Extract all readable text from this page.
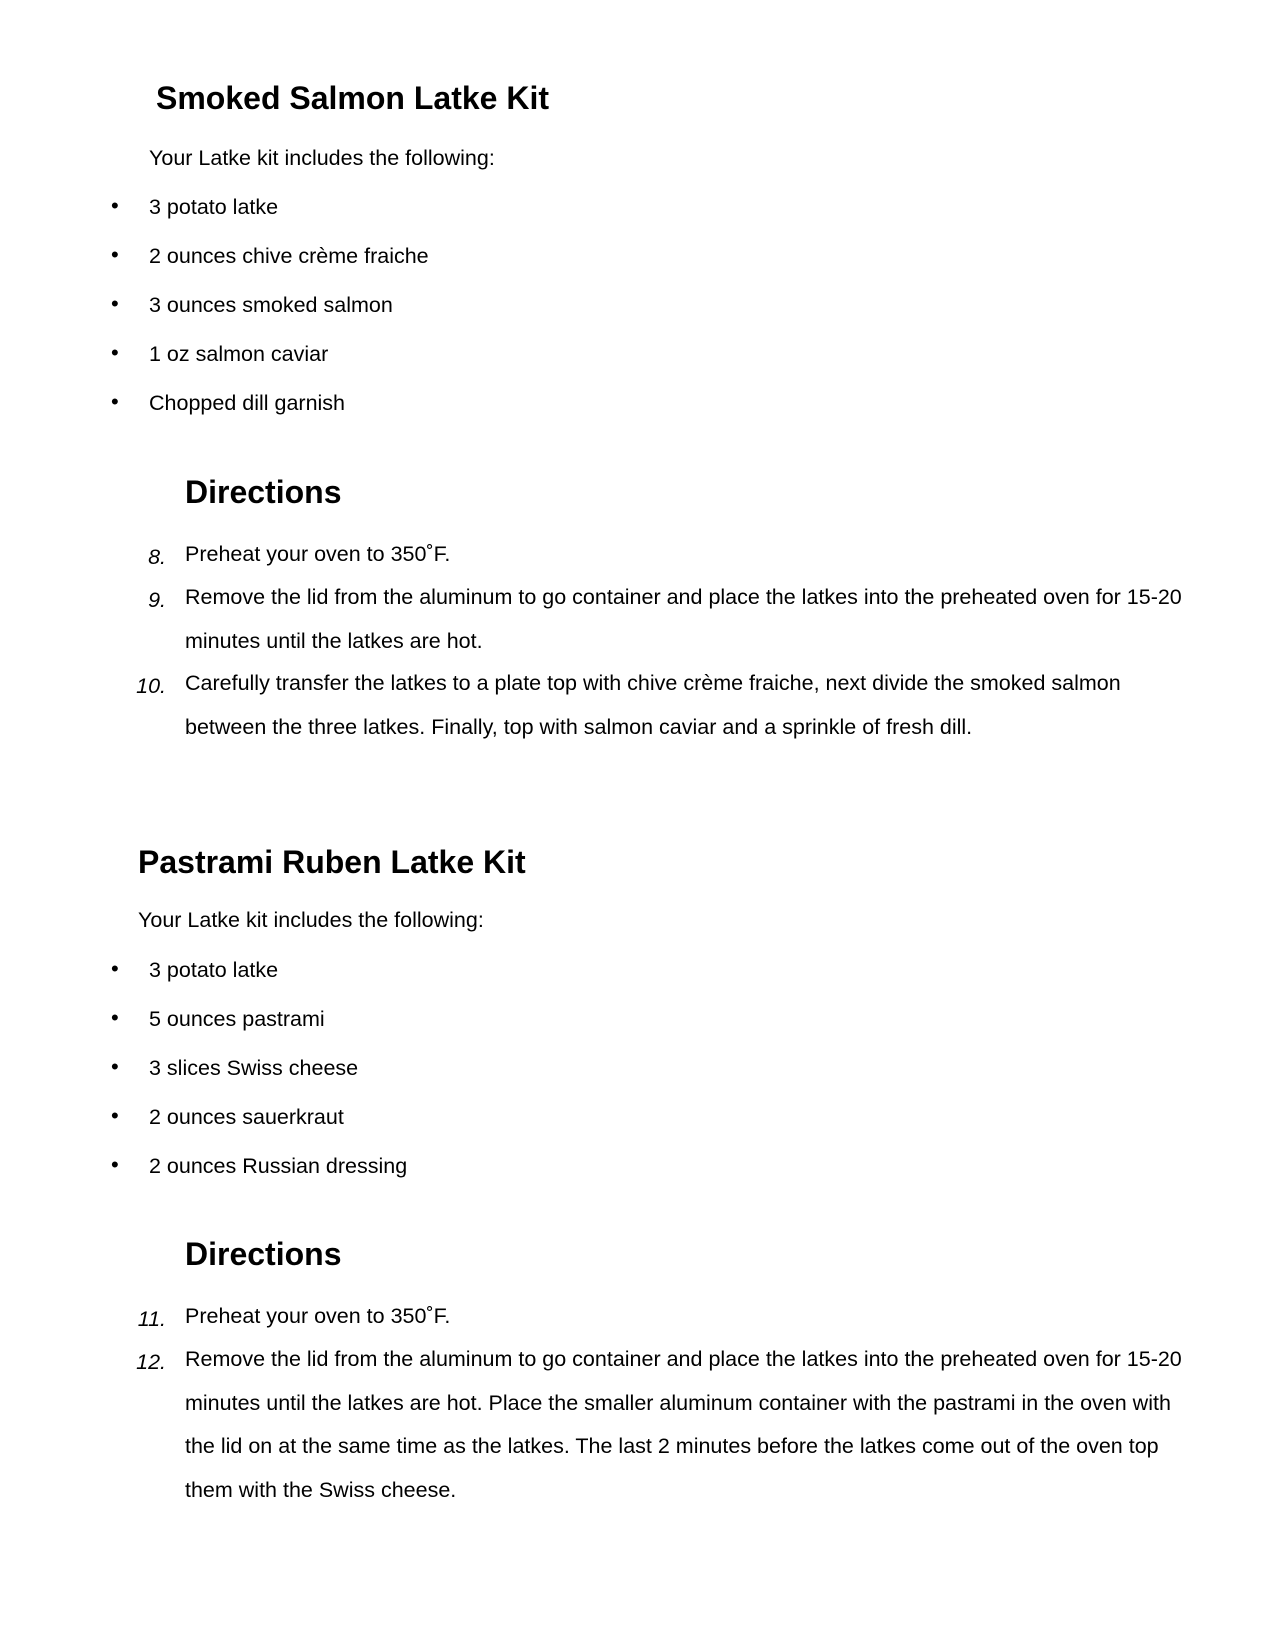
Smoked Salmon Latke Kit
Your Latke kit includes the following:
• 3 potato latke
• 2 ounces chive crème fraiche
• 3 ounces smoked salmon
• 1 oz salmon caviar
• Chopped dill garnish
Directions
8. Preheat your oven to 350˚F.
9. Remove the lid from the aluminum to go container and place the latkes into the preheated oven for 15-20 minutes until the latkes are hot.
10. Carefully transfer the latkes to a plate top with chive crème fraiche, next divide the smoked salmon between the three latkes. Finally, top with salmon caviar and a sprinkle of fresh dill.
Pastrami Ruben Latke Kit
Your Latke kit includes the following:
• 3 potato latke
• 5 ounces pastrami
• 3 slices Swiss cheese
• 2 ounces sauerkraut
• 2 ounces Russian dressing
Directions
11. Preheat your oven to 350˚F.
12. Remove the lid from the aluminum to go container and place the latkes into the preheated oven for 15-20 minutes until the latkes are hot. Place the smaller aluminum container with the pastrami in the oven with the lid on at the same time as the latkes. The last 2 minutes before the latkes come out of the oven top them with the Swiss cheese.
